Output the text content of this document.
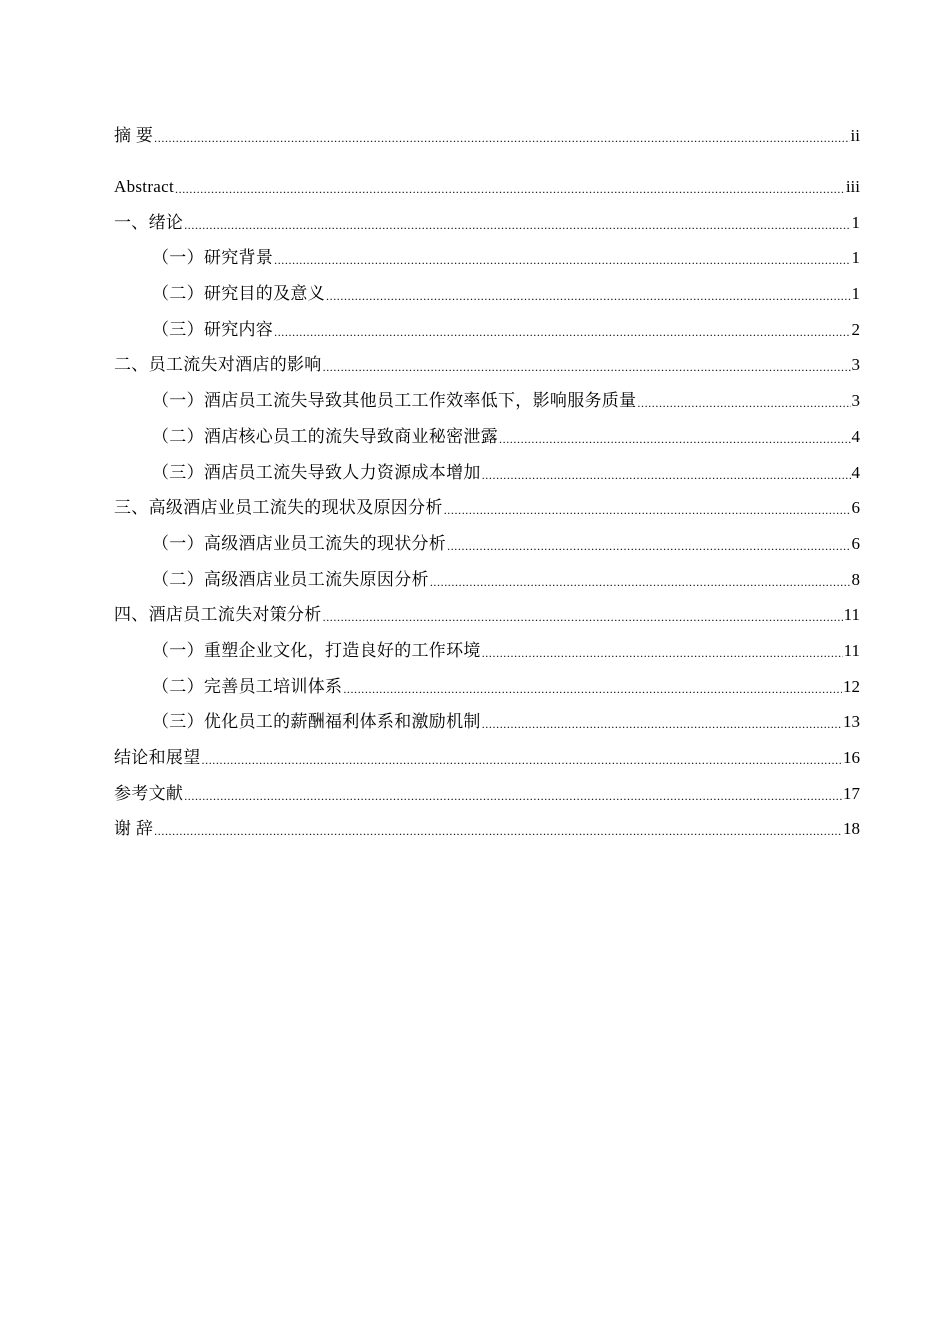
摘 要 .....	ii
Abstract .....	iii
一、绪论 .....	1
（一）研究背景 .....	1
（二）研究目的及意义 .....	1
（三）研究内容 .....	2
二、员工流失对酒店的影响 .....	3
（一）酒店员工流失导致其他员工工作效率低下，影响服务质量 .....	3
（二）酒店核心员工的流失导致商业秘密泄露 .....	4
（三）酒店员工流失导致人力资源成本增加 .....	4
三、高级酒店业员工流失的现状及原因分析 .....	6
（一）高级酒店业员工流失的现状分析 .....	6
（二）高级酒店业员工流失原因分析 .....	8
四、酒店员工流失对策分析 .....	11
（一）重塑企业文化，打造良好的工作环境 .....	11
（二）完善员工培训体系 .....	12
（三）优化员工的薪酬福利体系和激励机制 .....	13
结论和展望 .....	16
参考文献 .....	17
谢 辞 .....	18
